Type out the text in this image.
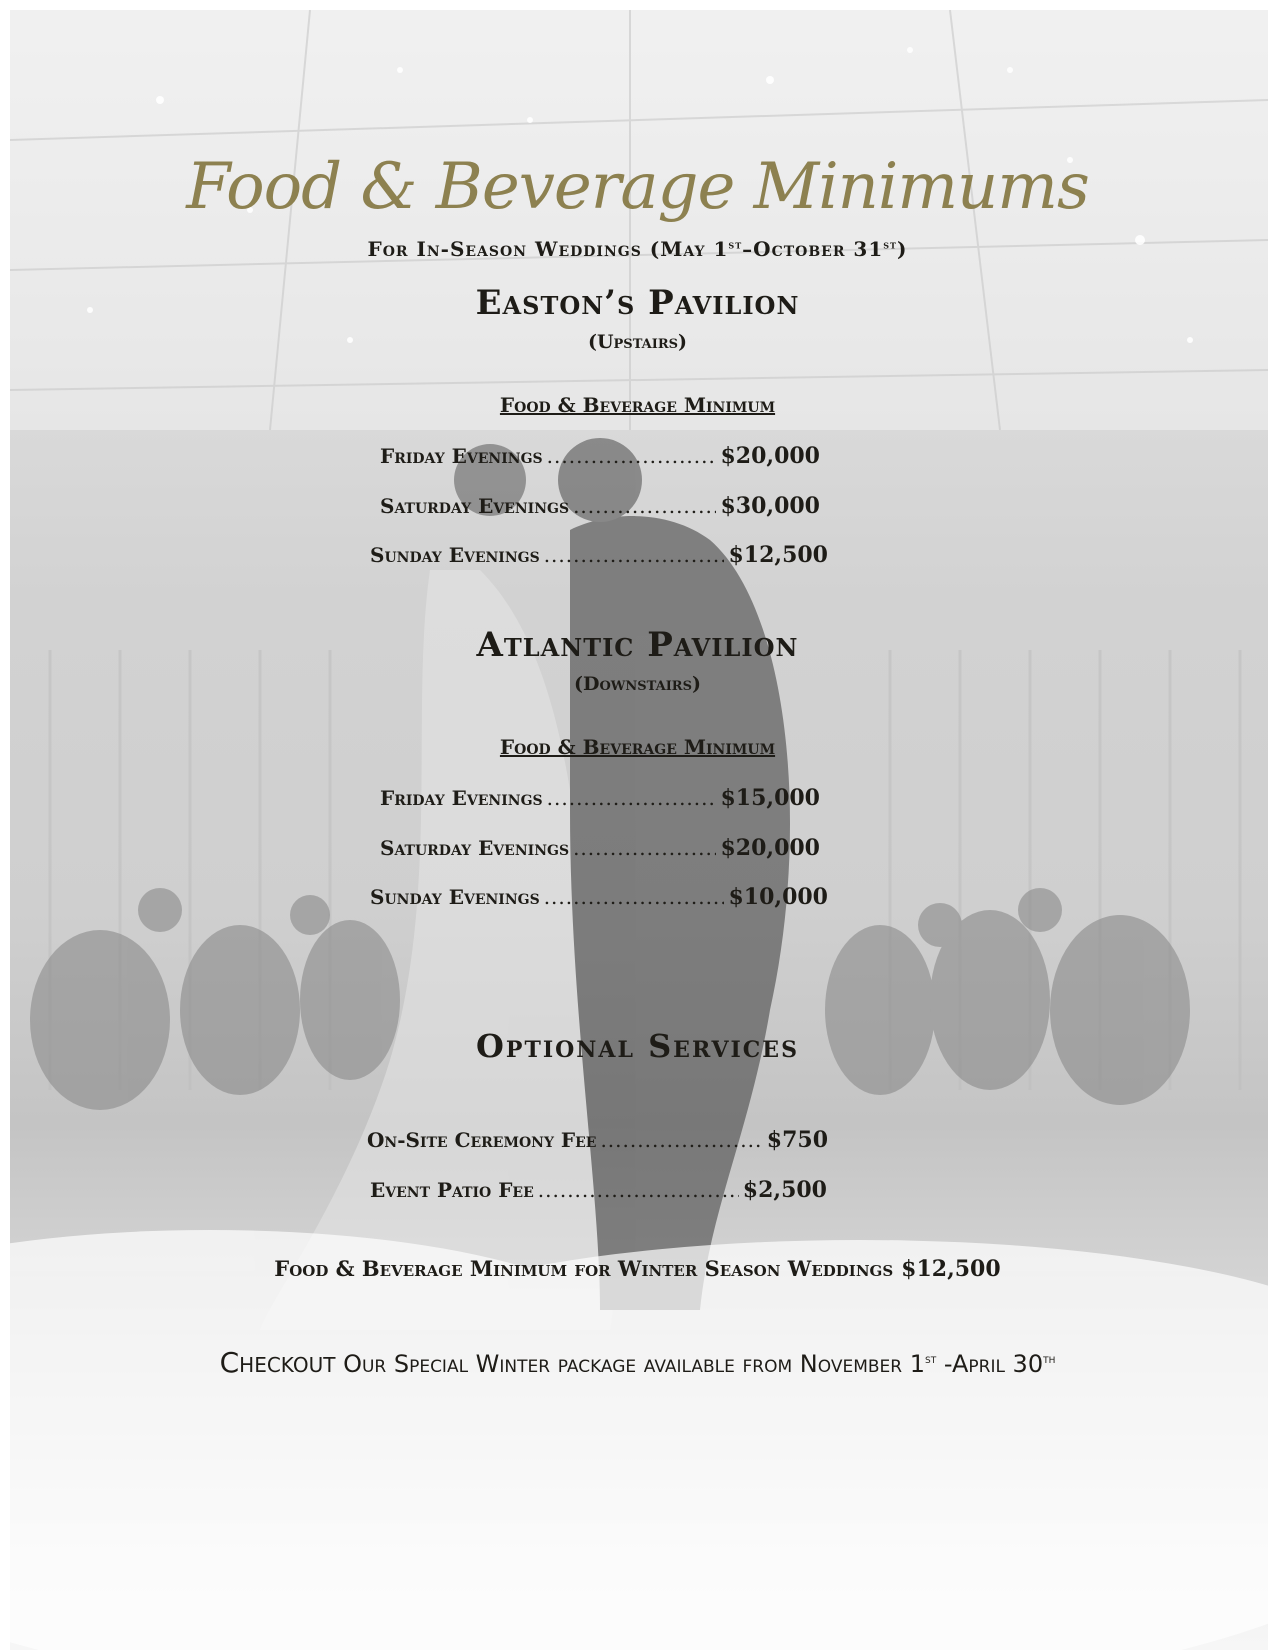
Food & Beverage Minimums
For In-Season Weddings (May 1st–October 31st)
Easton’s Pavilion
(Upstairs)
Food & Beverage Minimum
Friday Evenings .....	$20,000
Saturday Evenings .....	$30,000
Sunday Evenings .....	$12,500
Atlantic Pavilion
(Downstairs)
Food & Beverage Minimum
Friday Evenings .....	$15,000
Saturday Evenings .....	$20,000
Sunday Evenings .....	$10,000
Optional Services
On-Site Ceremony Fee .....	$750
Event Patio Fee .....	$2,500
Food & Beverage Minimum for Winter Season Weddings $12,500
Checkout Our Special Winter package available from November 1st -April 30th
